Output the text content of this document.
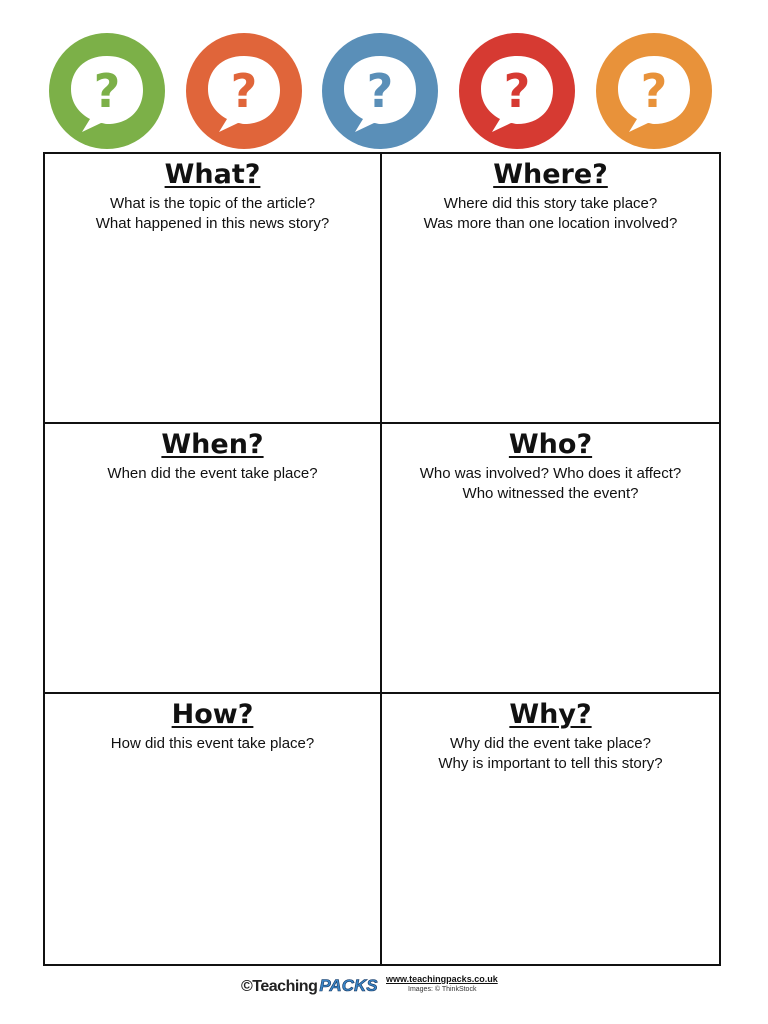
? ? ? ? ?
What?
What is the topic of the article?
What happened in this news story?
Where?
Where did this story take place?
Was more than one location involved?
When?
When did the event take place?
Who?
Who was involved? Who does it affect?
Who witnessed the event?
How?
How did this event take place?
Why?
Why did the event take place?
Why is important to tell this story?
©Teaching PACKS www.teachingpacks.co.uk
Images: © ThinkStock
